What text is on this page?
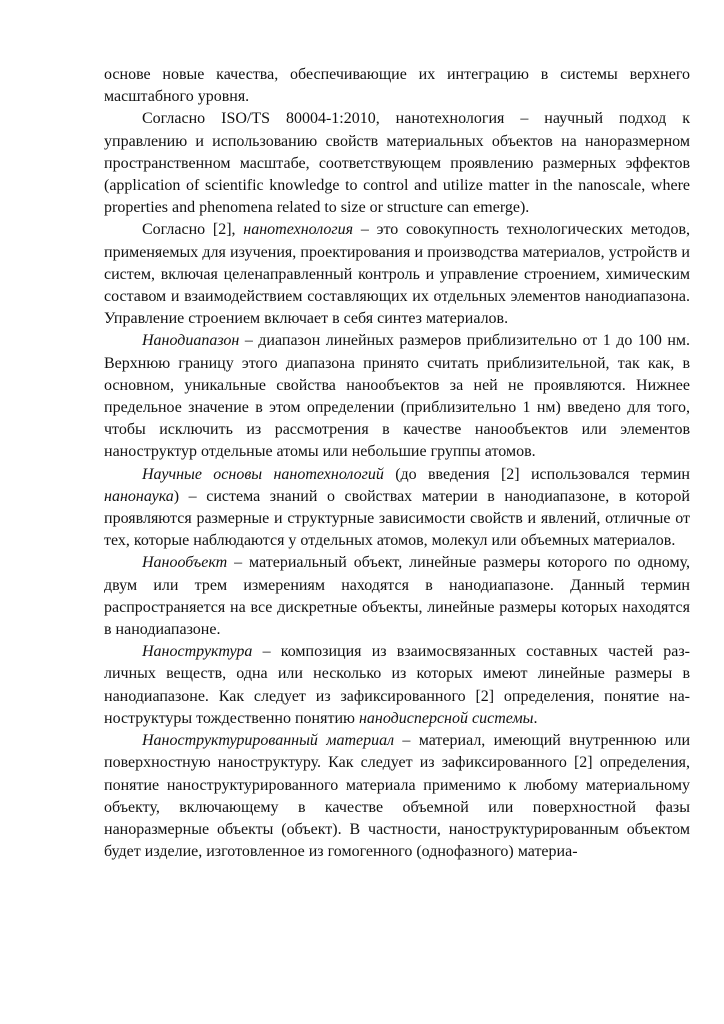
основе новые качества, обеспечивающие их интеграцию в системы верхнего масштабного уровня.

Согласно ISO/TS 80004-1:2010, нанотехнология – научный подход к управлению и использованию свойств материальных объектов на наноразмерном пространственном масштабе, соответствующем проявлению размерных эффектов (application of scientific knowledge to control and utilize matter in the nanoscale, where properties and phenomena related to size or structure can emerge).

Согласно [2], нанотехнология – это совокупность технологических методов, применяемых для изучения, проектирования и производства материалов, устройств и систем, включая целенаправленный контроль и управление строением, химическим составом и взаимодействием составляющих их отдельных элементов нанодиапазона. Управление строением включает в себя синтез материалов.

Нанодиапазон – диапазон линейных размеров приблизительно от 1 до 100 нм. Верхнюю границу этого диапазона принято считать приблизительной, так как, в основном, уникальные свойства нанообъектов за ней не проявляются. Нижнее предельное значение в этом определении (приблизительно 1 нм) введено для того, чтобы исключить из рассмотрения в качестве нанообъектов или элементов наноструктур отдельные атомы или небольшие группы атомов.

Научные основы нанотехнологий (до введения [2] использовался термин нанонаука) – система знаний о свойствах материи в нанодиапазоне, в которой проявляются размерные и структурные зависимости свойств и явлений, отличные от тех, которые наблюдаются у отдельных атомов, молекул или объемных материалов.

Нанообъект – материальный объект, линейные размеры которого по одному, двум или трем измерениям находятся в нанодиапазоне. Данный термин распространяется на все дискретные объекты, линейные размеры которых находятся в нанодиапазоне.

Наноструктура – композиция из взаимосвязанных составных частей различных веществ, одна или несколько из которых имеют линейные размеры в нанодиапазоне. Как следует из зафиксированного [2] определения, понятие наноструктуры тождественно понятию нанодисперсной системы.

Наноструктурированный материал – материал, имеющий внутреннюю или поверхностную наноструктуру. Как следует из зафиксированного [2] определения, понятие наноструктурированного материала применимо к любому материальному объекту, включающему в качестве объемной или поверхностной фазы наноразмерные объекты (объект). В частности, наноструктурированным объектом будет изделие, изготовленное из гомогенного (однофазного) материа-
